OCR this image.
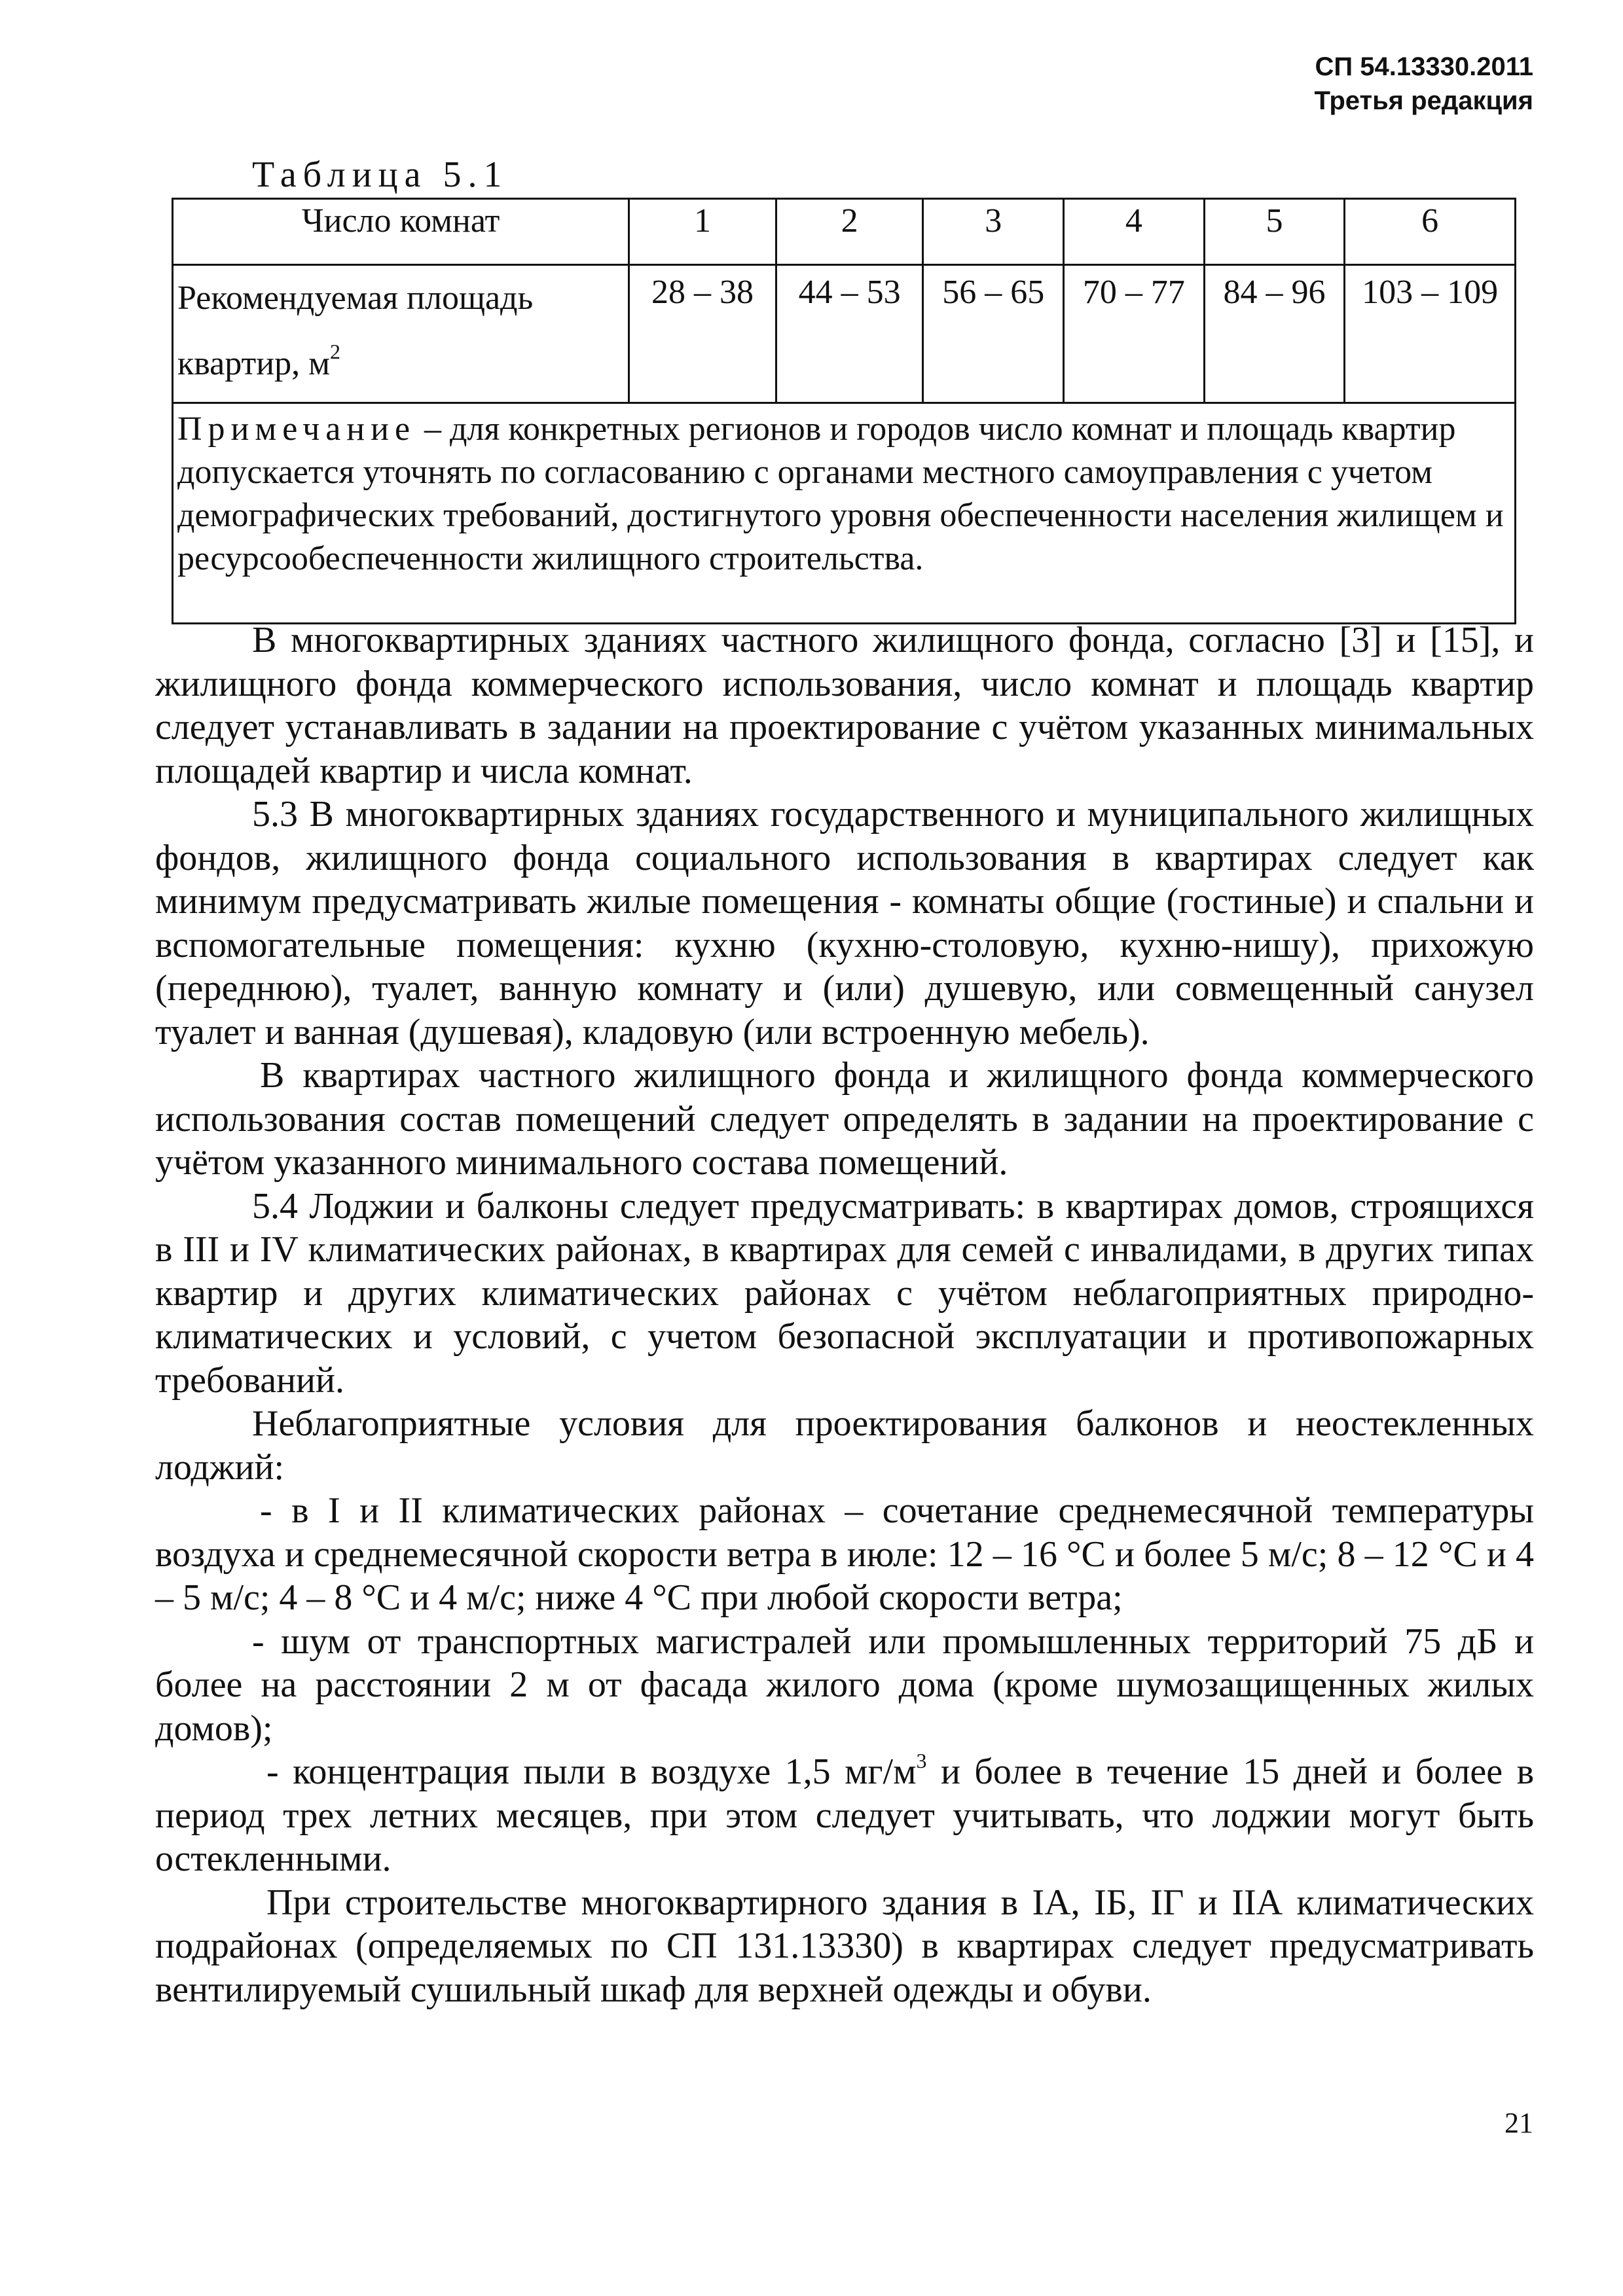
СП 54.13330.2011
Третья редакция
Таблица 5.1
Число комнат	1	2	3	4	5	6
Рекомендуемая площадь
квартир, $м^2$	28 – 38	44 – 53	56 – 65	70 – 77	84 – 96	103 – 109
Примечание – для конкретных регионов и городов число комнат и площадь квартир допускается уточнять по согласованию с органами местного самоуправления с учетом демографических требований, достигнутого уровня обеспеченности населения жилищем и ресурсообеспеченности жилищного строительства.						

В многоквартирных зданиях частного жилищного фонда, согласно [3] и [15], и жилищного фонда коммерческого использования, число комнат и площадь квартир следует устанавливать в задании на проектирование с учётом указанных минимальных площадей квартир и числа комнат.

5.3 В многоквартирных зданиях государственного и муниципального жилищных фондов, жилищного фонда социального использования в квартирах следует как минимум предусматривать жилые помещения - комнаты общие (гостиные) и спальни и вспомогательные помещения: кухню (кухню-столовую, кухню-нишу), прихожую (переднюю), туалет, ванную комнату и (или) душевую, или совмещенный санузел туалет и ванная (душевая), кладовую (или встроенную мебель).

В квартирах частного жилищного фонда и жилищного фонда коммерческого использования состав помещений следует определять в задании на проектирование с учётом указанного минимального состава помещений.

5.4 Лоджии и балконы следует предусматривать: в квартирах домов, строящихся в III и IV климатических районах, в квартирах для семей с инвалидами, в других типах квартир и других климатических районах с учётом неблагоприятных природно-климатических и условий, с учетом безопасной эксплуатации и противопожарных требований.

Неблагоприятные условия для проектирования балконов и неостекленных лоджий:

- в I и II климатических районах – сочетание среднемесячной температуры воздуха и среднемесячной скорости ветра в июле: 12 – 16 °С и более 5 м/с; 8 – 12 °С и 4 – 5 м/с; 4 – 8 °С и 4 м/с; ниже 4 °С при любой скорости ветра;

- шум от транспортных магистралей или промышленных территорий 75 дБ и более на расстоянии 2 м от фасада жилого дома (кроме шумозащищенных жилых домов);

- концентрация пыли в воздухе 1,5 $мг/м^3$ и более в течение 15 дней и более в период трех летних месяцев, при этом следует учитывать, что лоджии могут быть остекленными.

При строительстве многоквартирного здания в IА, IБ, IГ и IIА климатических подрайонах (определяемых по СП 131.13330) в квартирах следует предусматривать вентилируемый сушильный шкаф для верхней одежды и обуви.

21
